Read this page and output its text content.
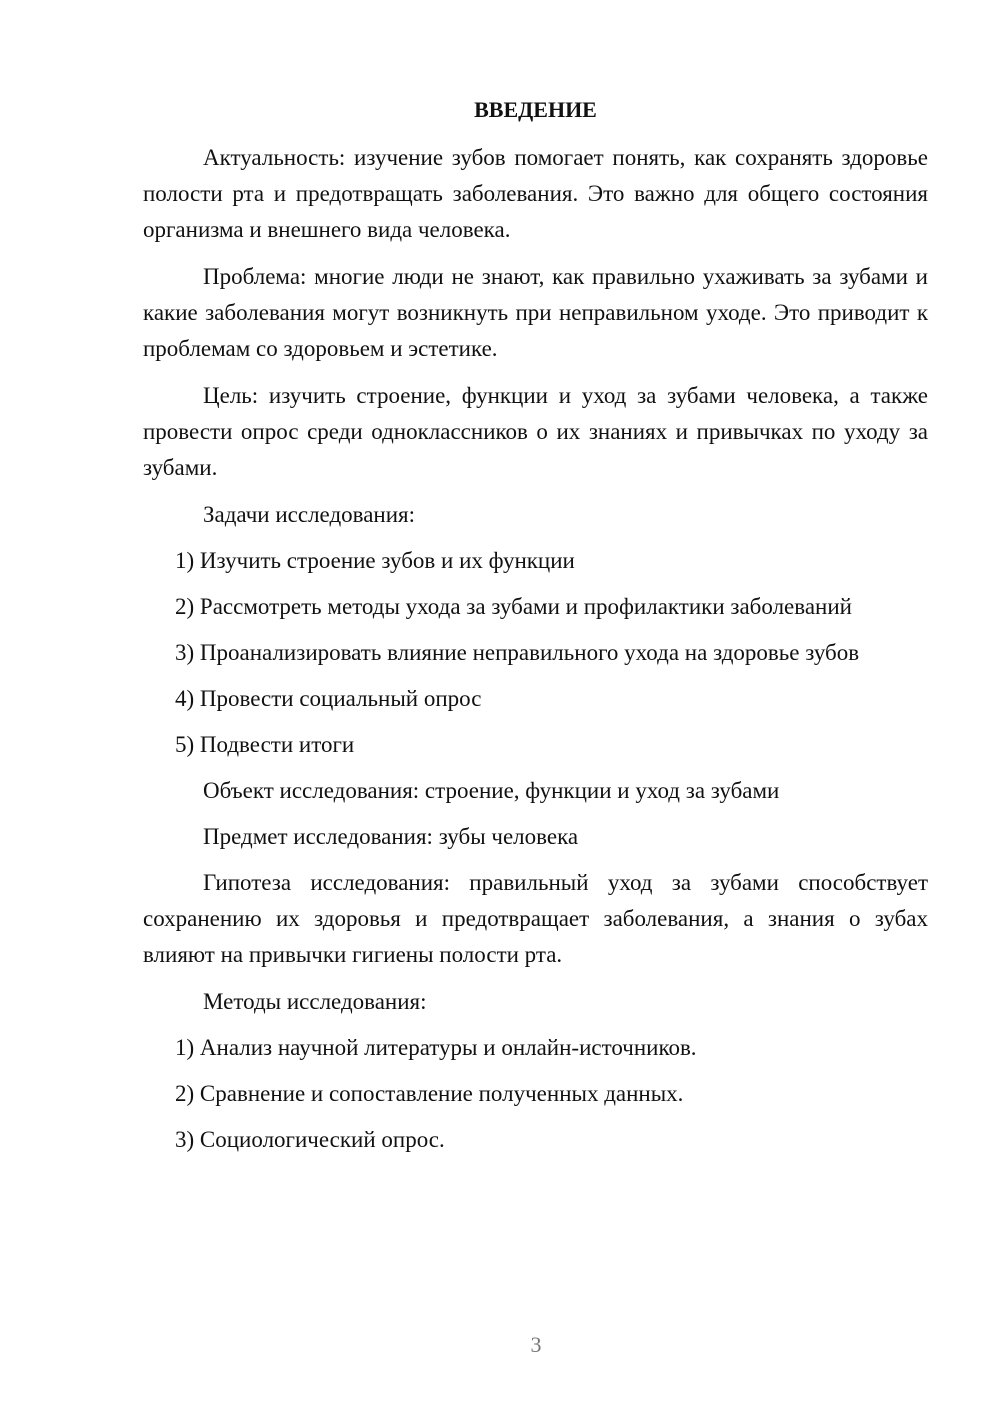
ВВЕДЕНИЕ

Актуальность: изучение зубов помогает понять, как сохранять здоровье полости рта и предотвращать заболевания. Это важно для общего состояния организма и внешнего вида человека.

Проблема: многие люди не знают, как правильно ухаживать за зубами и какие заболевания могут возникнуть при неправильном уходе. Это приводит к проблемам со здоровьем и эстетике.

Цель: изучить строение, функции и уход за зубами человека, а также провести опрос среди одноклассников о их знаниях и привычках по уходу за зубами.

Задачи исследования:

1) Изучить строение зубов и их функции
2) Рассмотреть методы ухода за зубами и профилактики заболеваний
3) Проанализировать влияние неправильного ухода на здоровье зубов
4) Провести социальный опрос
5) Подвести итоги

Объект исследования: строение, функции и уход за зубами

Предмет исследования: зубы человека

Гипотеза исследования: правильный уход за зубами способствует сохранению их здоровья и предотвращает заболевания, а знания о зубах влияют на привычки гигиены полости рта.

Методы исследования:

1) Анализ научной литературы и онлайн-источников.
2) Сравнение и сопоставление полученных данных.
3) Социологический опрос.
3
